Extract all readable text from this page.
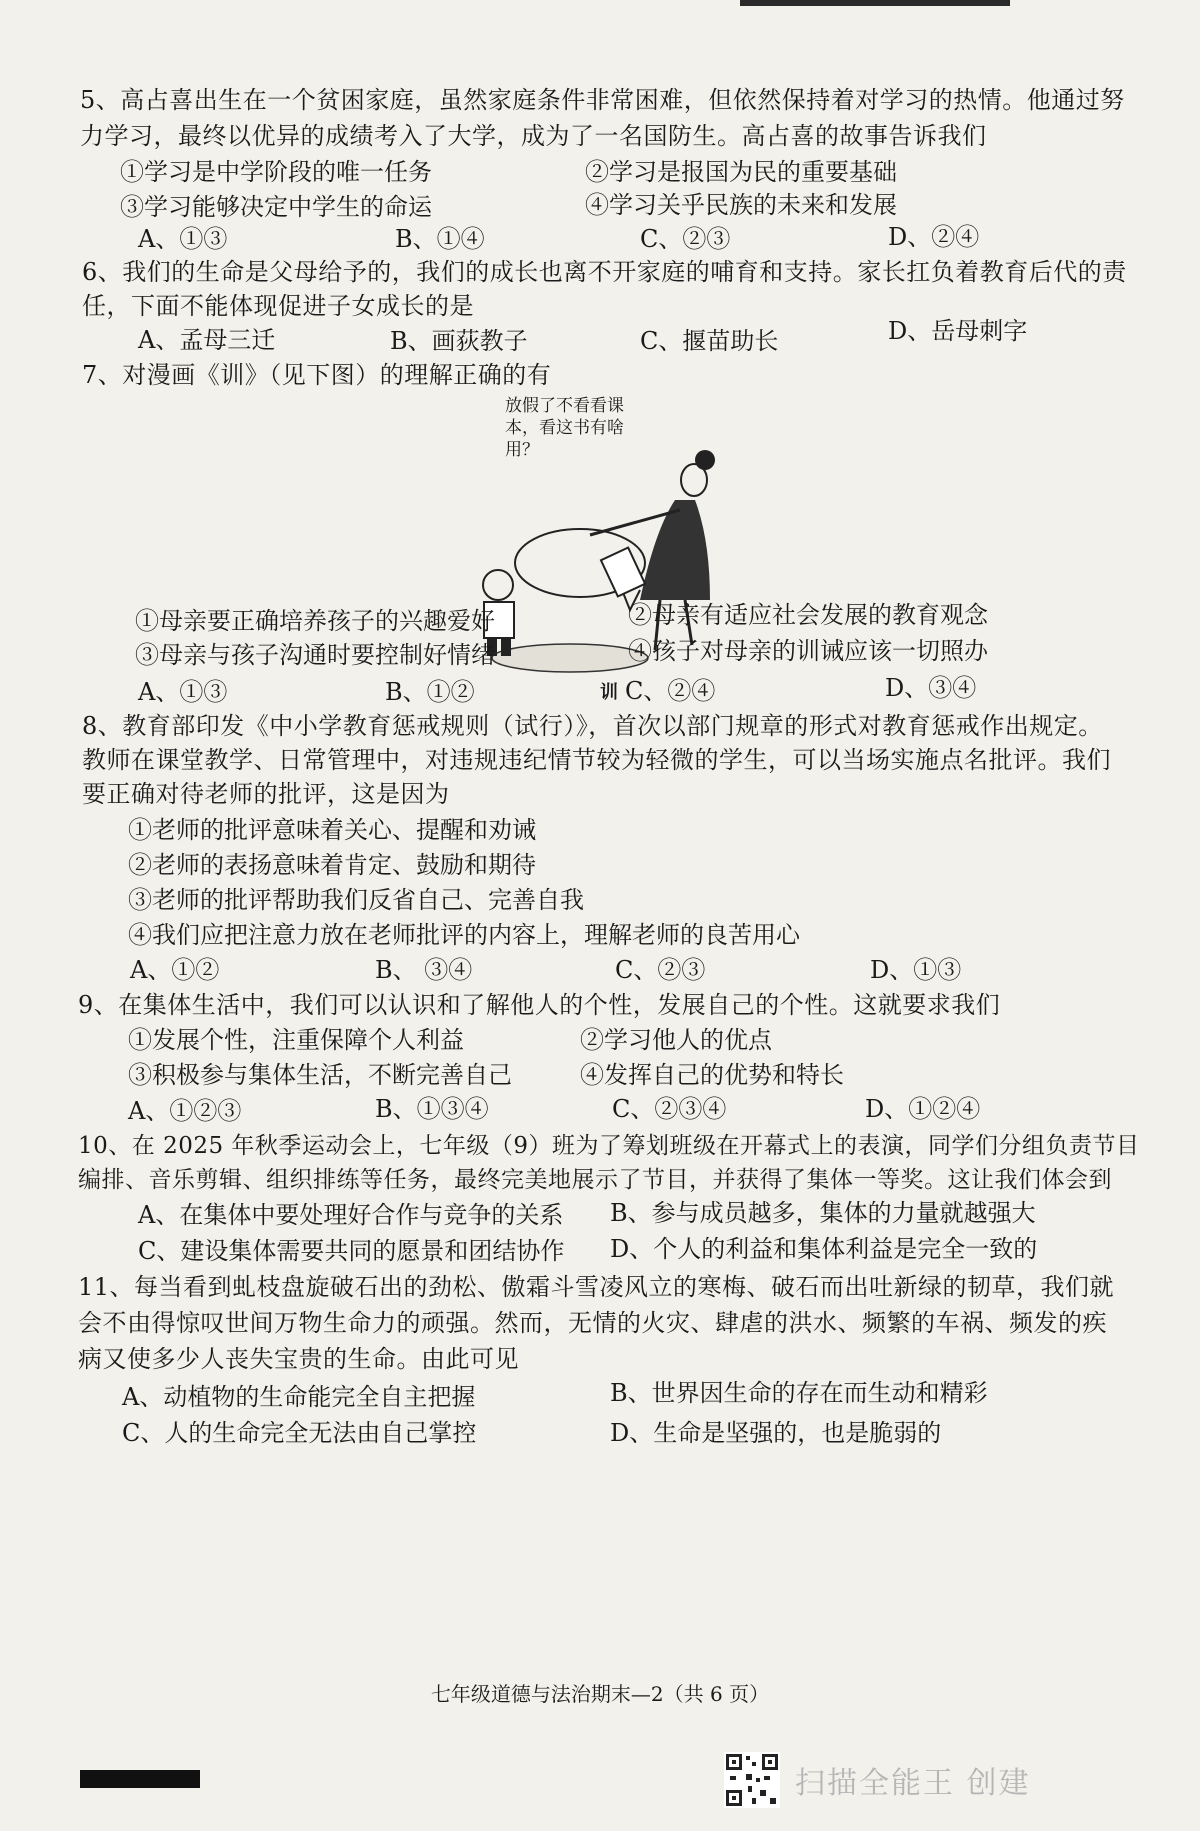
5、高占喜出生在一个贫困家庭，虽然家庭条件非常困难，但依然保持着对学习的热情。他通过努
力学习，最终以优异的成绩考入了大学，成为了一名国防生。高占喜的故事告诉我们
①学习是中学阶段的唯一任务	②学习是报国为民的重要基础
③学习能够决定中学生的命运	④学习关乎民族的未来和发展
A、①③	B、①④	C、②③	D、②④
6、我们的生命是父母给予的，我们的成长也离不开家庭的哺育和支持。家长扛负着教育后代的责
任，下面不能体现促进子女成长的是
A、孟母三迁	B、画荻教子	C、揠苗助长	D、岳母刺字
7、对漫画《训》（见下图）的理解正确的有
放假了不看看课
本，看这书有啥
用？
训
①母亲要正确培养孩子的兴趣爱好	②母亲有适应社会发展的教育观念
③母亲与孩子沟通时要控制好情绪	④孩子对母亲的训诫应该一切照办
A、①③	B、①②	C、②④	D、③④
8、教育部印发《中小学教育惩戒规则（试行）》，首次以部门规章的形式对教育惩戒作出规定。
教师在课堂教学、日常管理中，对违规违纪情节较为轻微的学生，可以当场实施点名批评。我们
要正确对待老师的批评，这是因为
①老师的批评意味着关心、提醒和劝诫
②老师的表扬意味着肯定、鼓励和期待
③老师的批评帮助我们反省自己、完善自我
④我们应把注意力放在老师批评的内容上，理解老师的良苦用心
A、①②	B、 ③④	C、②③	D、①③
9、在集体生活中，我们可以认识和了解他人的个性，发展自己的个性。这就要求我们
①发展个性，注重保障个人利益	②学习他人的优点
③积极参与集体生活，不断完善自己	④发挥自己的优势和特长
A、①②③	B、①③④	C、②③④	D、①②④
10、在 2025 年秋季运动会上，七年级（9）班为了筹划班级在开幕式上的表演，同学们分组负责节目
编排、音乐剪辑、组织排练等任务，最终完美地展示了节目，并获得了集体一等奖。这让我们体会到
A、在集体中要处理好合作与竞争的关系 B、参与成员越多，集体的力量就越强大
C、建设集体需要共同的愿景和团结协作 D、个人的利益和集体利益是完全一致的
11、每当看到虬枝盘旋破石出的劲松、傲霜斗雪凌风立的寒梅、破石而出吐新绿的韧草，我们就
会不由得惊叹世间万物生命力的顽强。然而，无情的火灾、肆虐的洪水、频繁的车祸、频发的疾
病又使多少人丧失宝贵的生命。由此可见
A、动植物的生命能完全自主把握	B、世界因生命的存在而生动和精彩
C、人的生命完全无法由自己掌控	D、生命是坚强的，也是脆弱的
七年级道德与法治期末—2（共 6 页）
扫描全能王 创建
